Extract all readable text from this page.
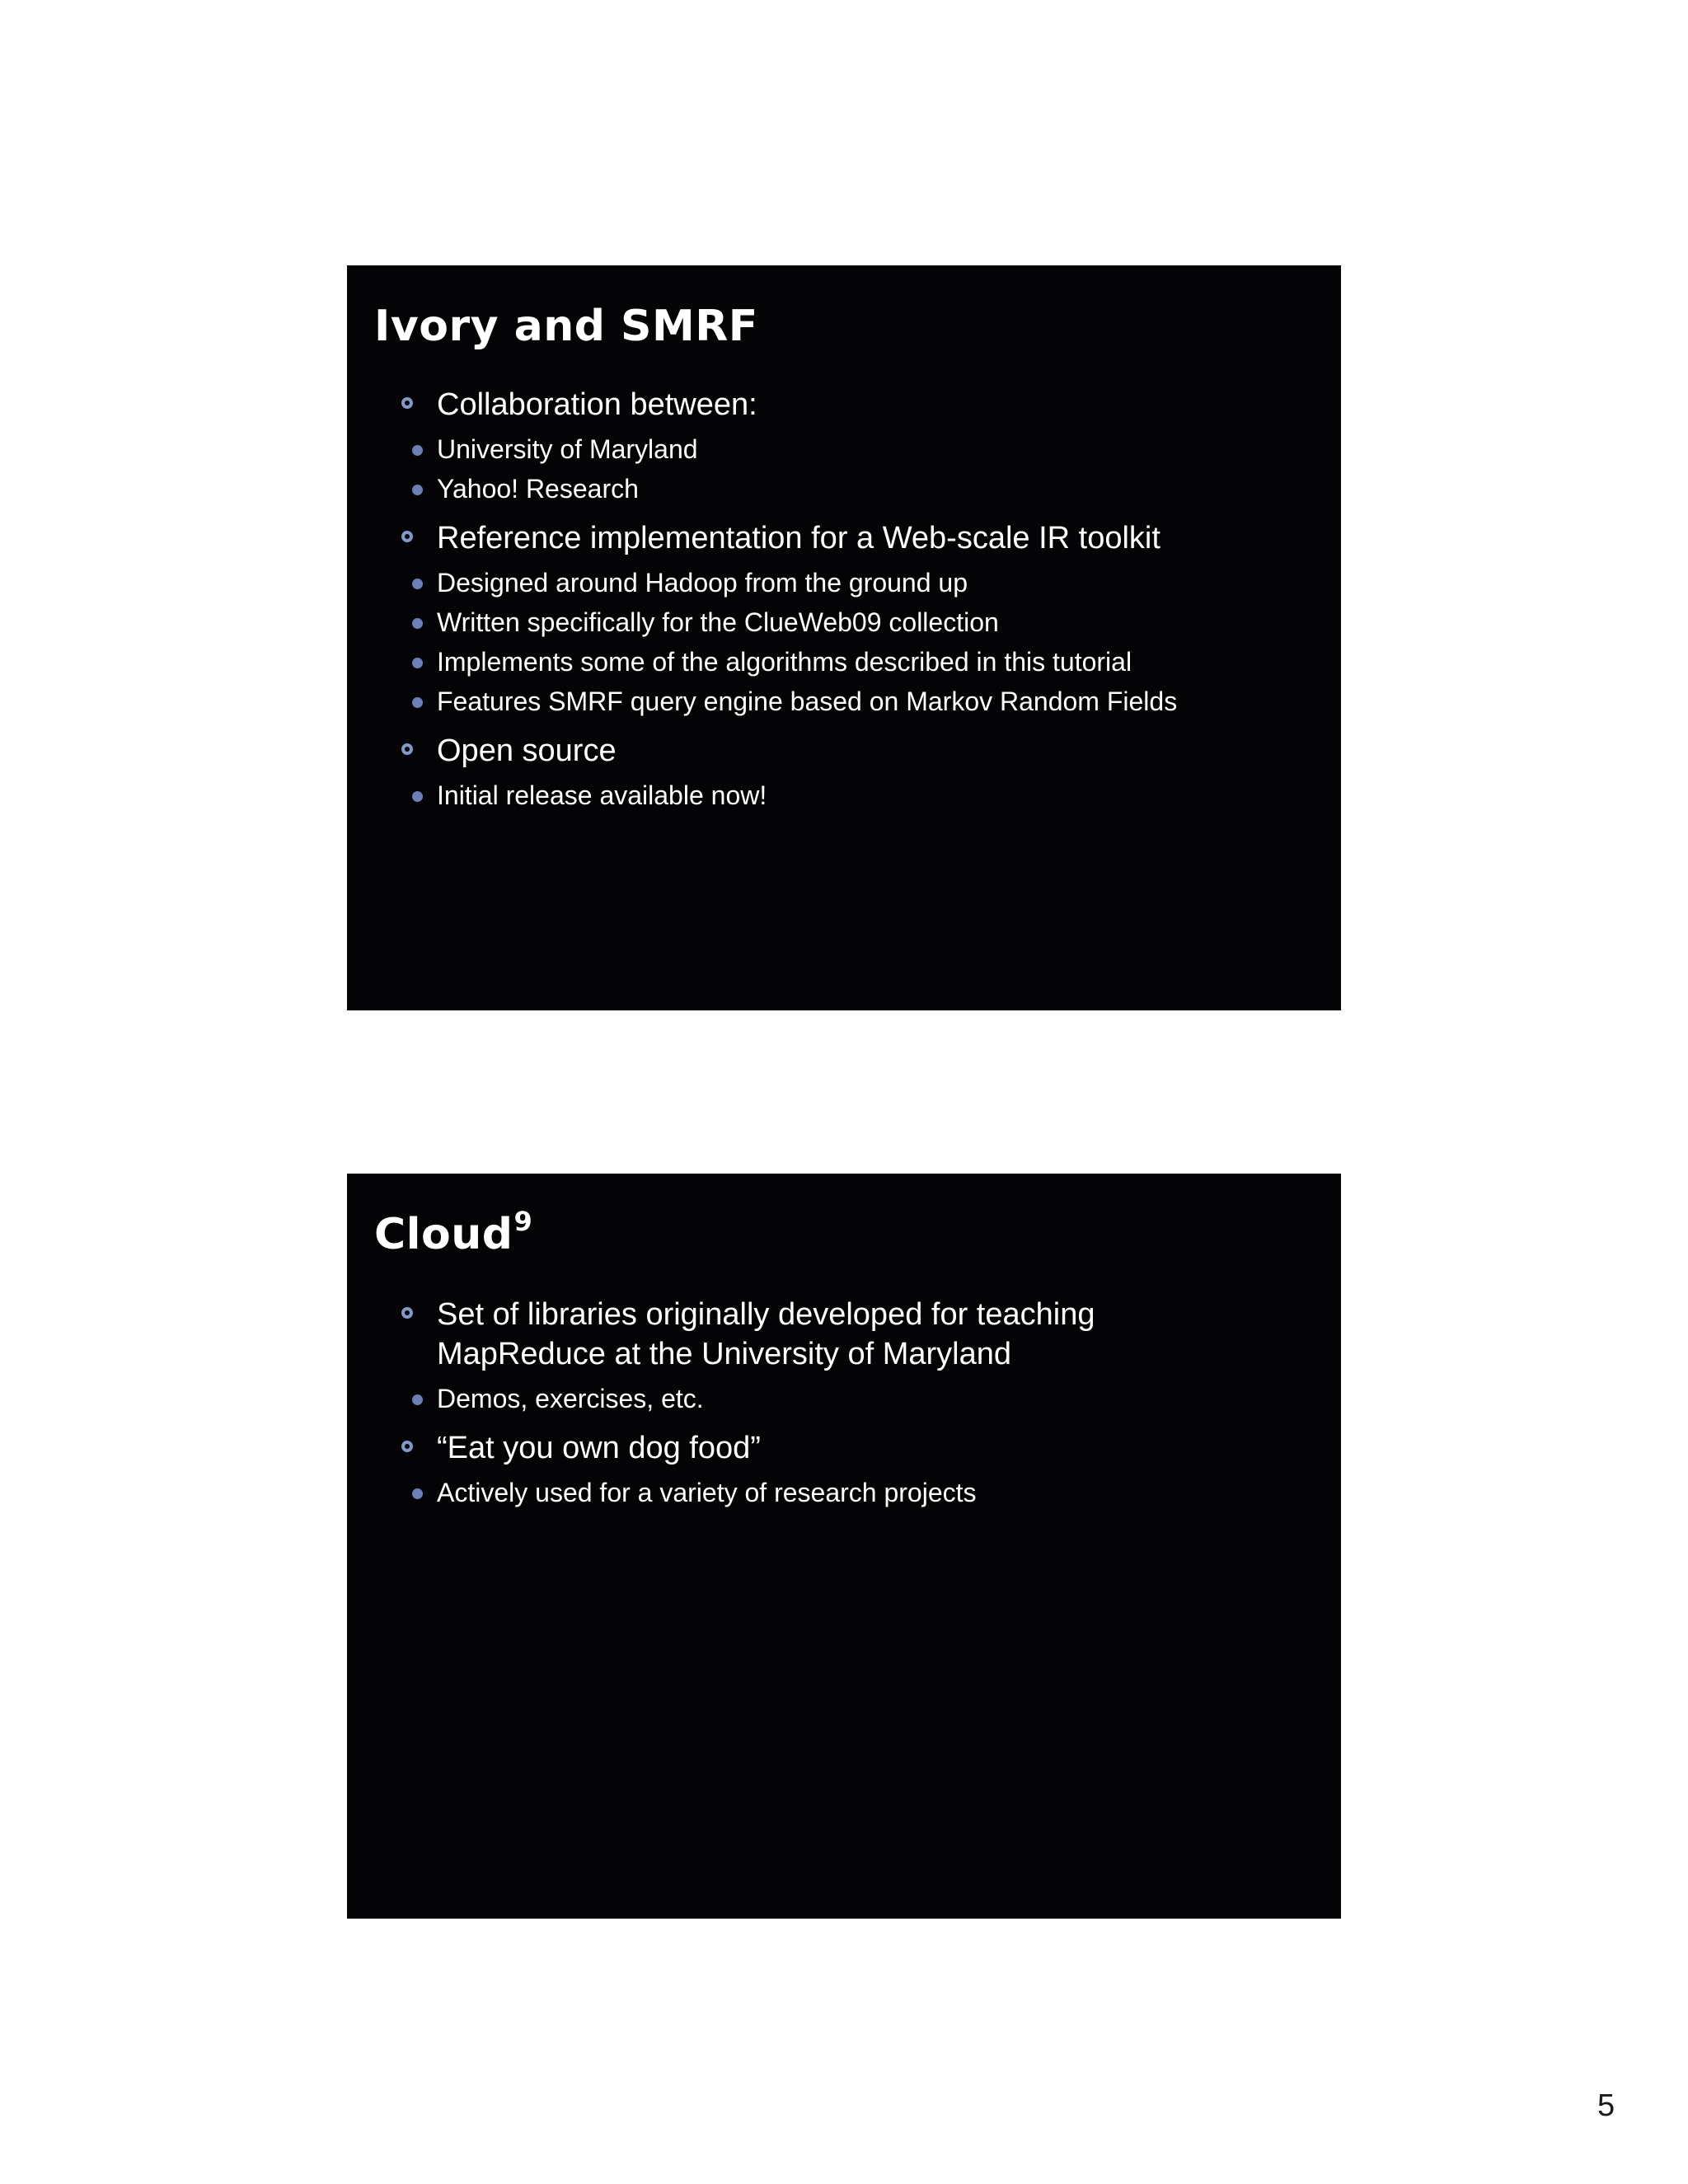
Ivory and SMRF
Collaboration between:
University of Maryland
Yahoo! Research
Reference implementation for a Web-scale IR toolkit
Designed around Hadoop from the ground up
Written specifically for the ClueWeb09 collection
Implements some of the algorithms described in this tutorial
Features SMRF query engine based on Markov Random Fields
Open source
Initial release available now!
Cloud$^9$
Set of libraries originally developed for teaching MapReduce at the University of Maryland
Demos, exercises, etc.
“Eat you own dog food”
Actively used for a variety of research projects
5
